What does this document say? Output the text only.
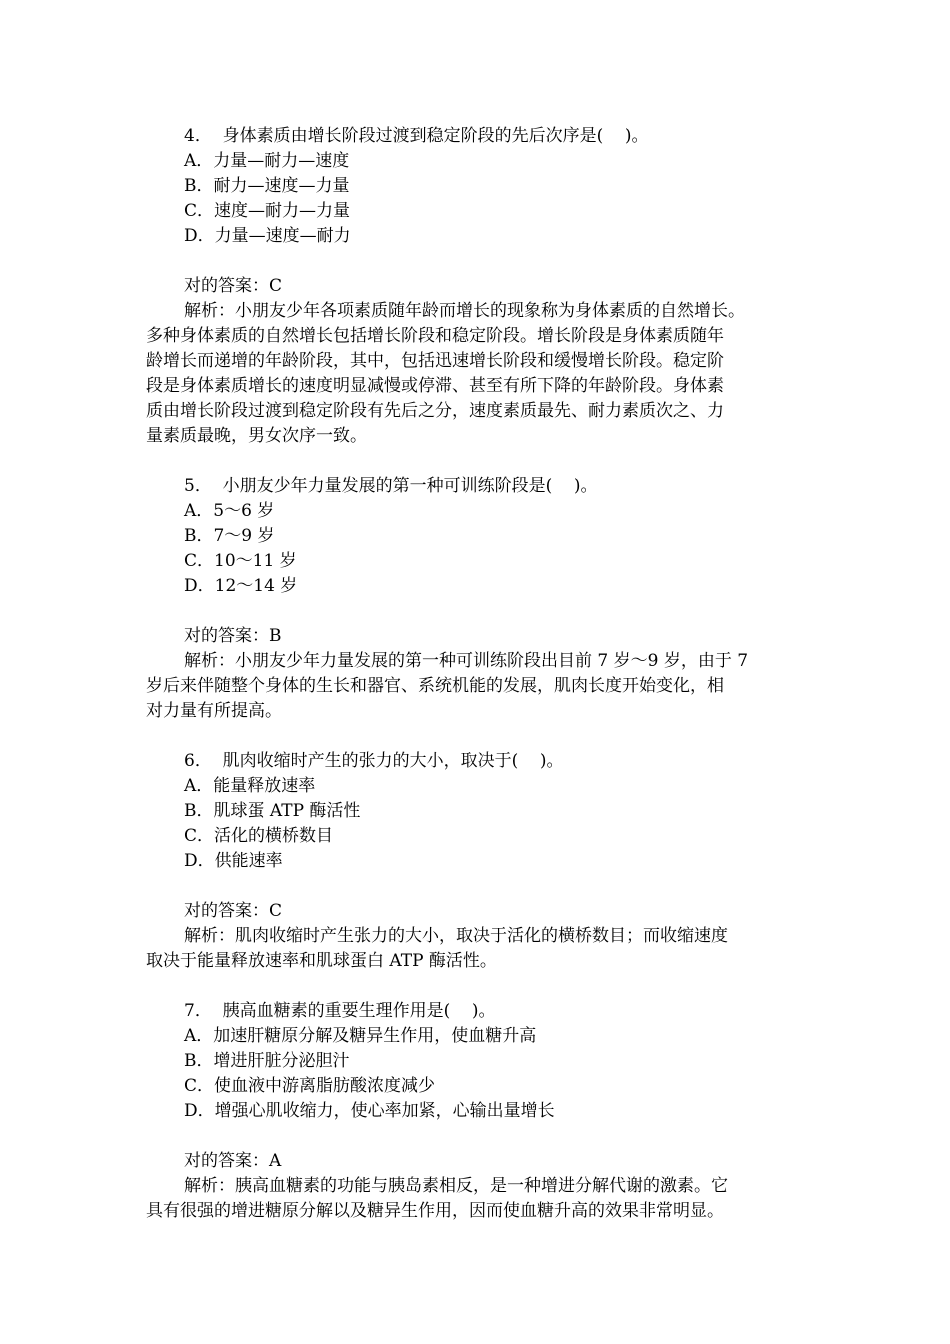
4．  身体素质由增长阶段过渡到稳定阶段的先后次序是(    )。
A．力量—耐力—速度
B．耐力—速度—力量
C．速度—耐力—力量
D．力量—速度—耐力
对的答案：C
解析：小朋友少年各项素质随年龄而增长的现象称为身体素质的自然增长。
多种身体素质的自然增长包括增长阶段和稳定阶段。增长阶段是身体素质随年
龄增长而递增的年龄阶段，其中，包括迅速增长阶段和缓慢增长阶段。稳定阶
段是身体素质增长的速度明显减慢或停滞、甚至有所下降的年龄阶段。身体素
质由增长阶段过渡到稳定阶段有先后之分，速度素质最先、耐力素质次之、力
量素质最晚，男女次序一致。
5．  小朋友少年力量发展的第一种可训练阶段是(    )。
A．5～6 岁
B．7～9 岁
C．10～11 岁
D．12～14 岁
对的答案：B
解析：小朋友少年力量发展的第一种可训练阶段出目前 7 岁～9 岁，由于 7
岁后来伴随整个身体的生长和器官、系统机能的发展，肌肉长度开始变化，相
对力量有所提高。
6．  肌肉收缩时产生的张力的大小，取决于(    )。
A．能量释放速率
B．肌球蛋 ATP 酶活性
C．活化的横桥数目
D．供能速率
对的答案：C
解析：肌肉收缩时产生张力的大小，取决于活化的横桥数目；而收缩速度
取决于能量释放速率和肌球蛋白 ATP 酶活性。
7．  胰高血糖素的重要生理作用是(    )。
A．加速肝糖原分解及糖异生作用，使血糖升高
B．增进肝脏分泌胆汁
C．使血液中游离脂肪酸浓度减少
D．增强心肌收缩力，使心率加紧，心输出量增长
对的答案：A
解析：胰高血糖素的功能与胰岛素相反，是一种增进分解代谢的激素。它
具有很强的增进糖原分解以及糖异生作用，因而使血糖升高的效果非常明显。
